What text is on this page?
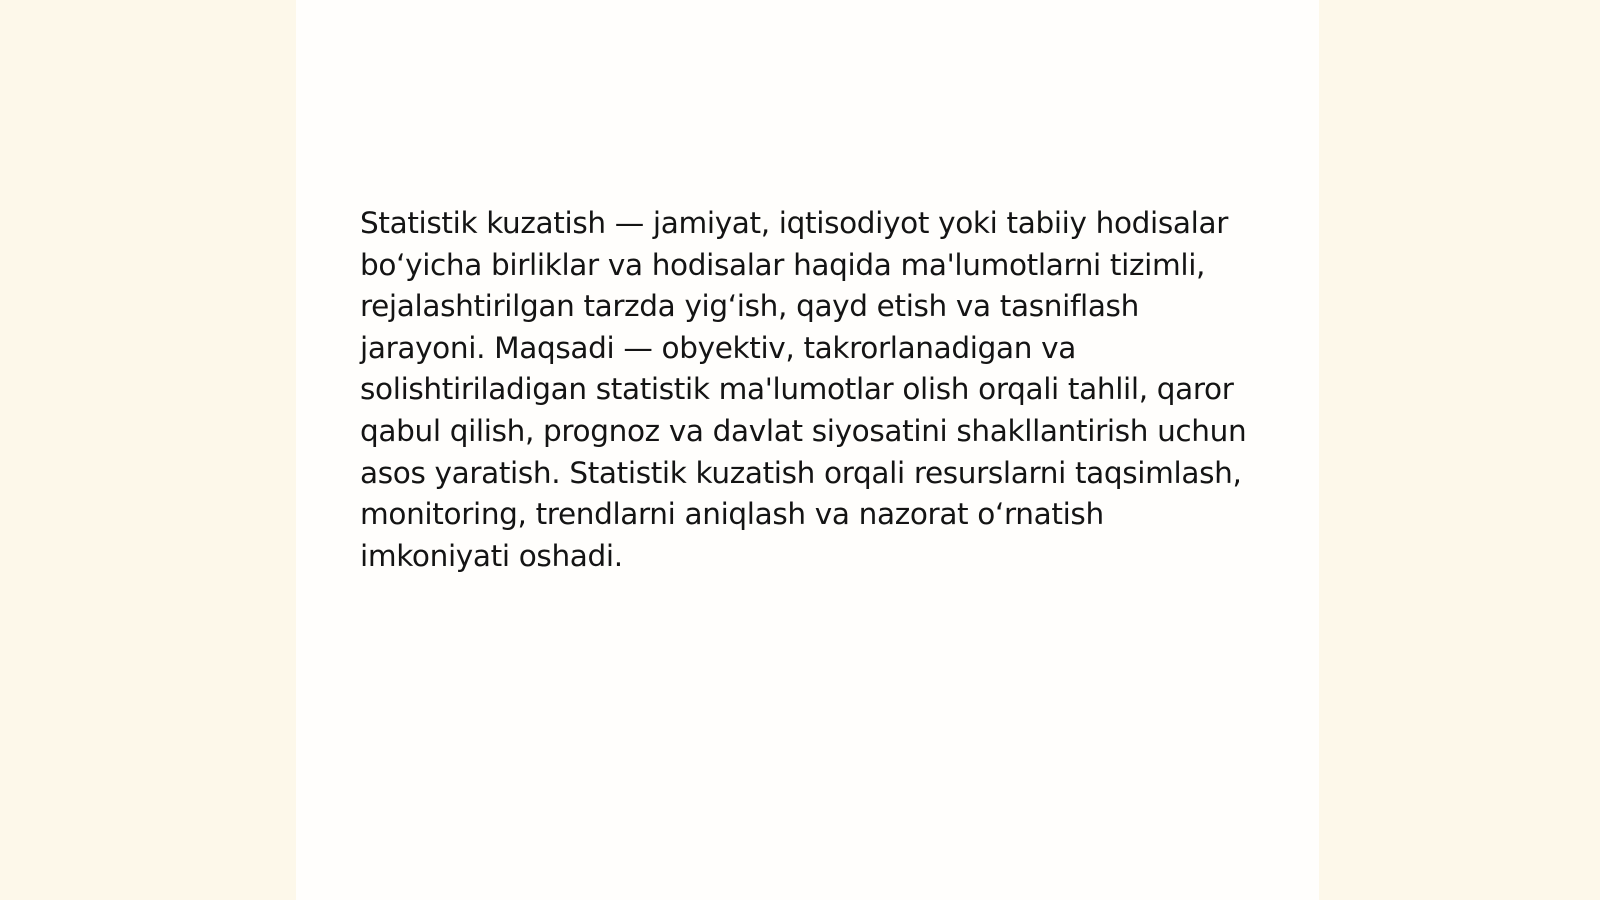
Statistik kuzatish — jamiyat, iqtisodiyot yoki tabiiy hodisalar bo‘yicha birliklar va hodisalar haqida ma'lumotlarni tizimli, rejalashtirilgan tarzda yig‘ish, qayd etish va tasniflash jarayoni. Maqsadi — obyektiv, takrorlanadigan va solishtiriladigan statistik ma'lumotlar olish orqali tahlil, qaror qabul qilish, prognoz va davlat siyosatini shakllantirish uchun asos yaratish. Statistik kuzatish orqali resurslarni taqsimlash, monitoring, trendlarni aniqlash va nazorat o‘rnatish imkoniyati oshadi.
